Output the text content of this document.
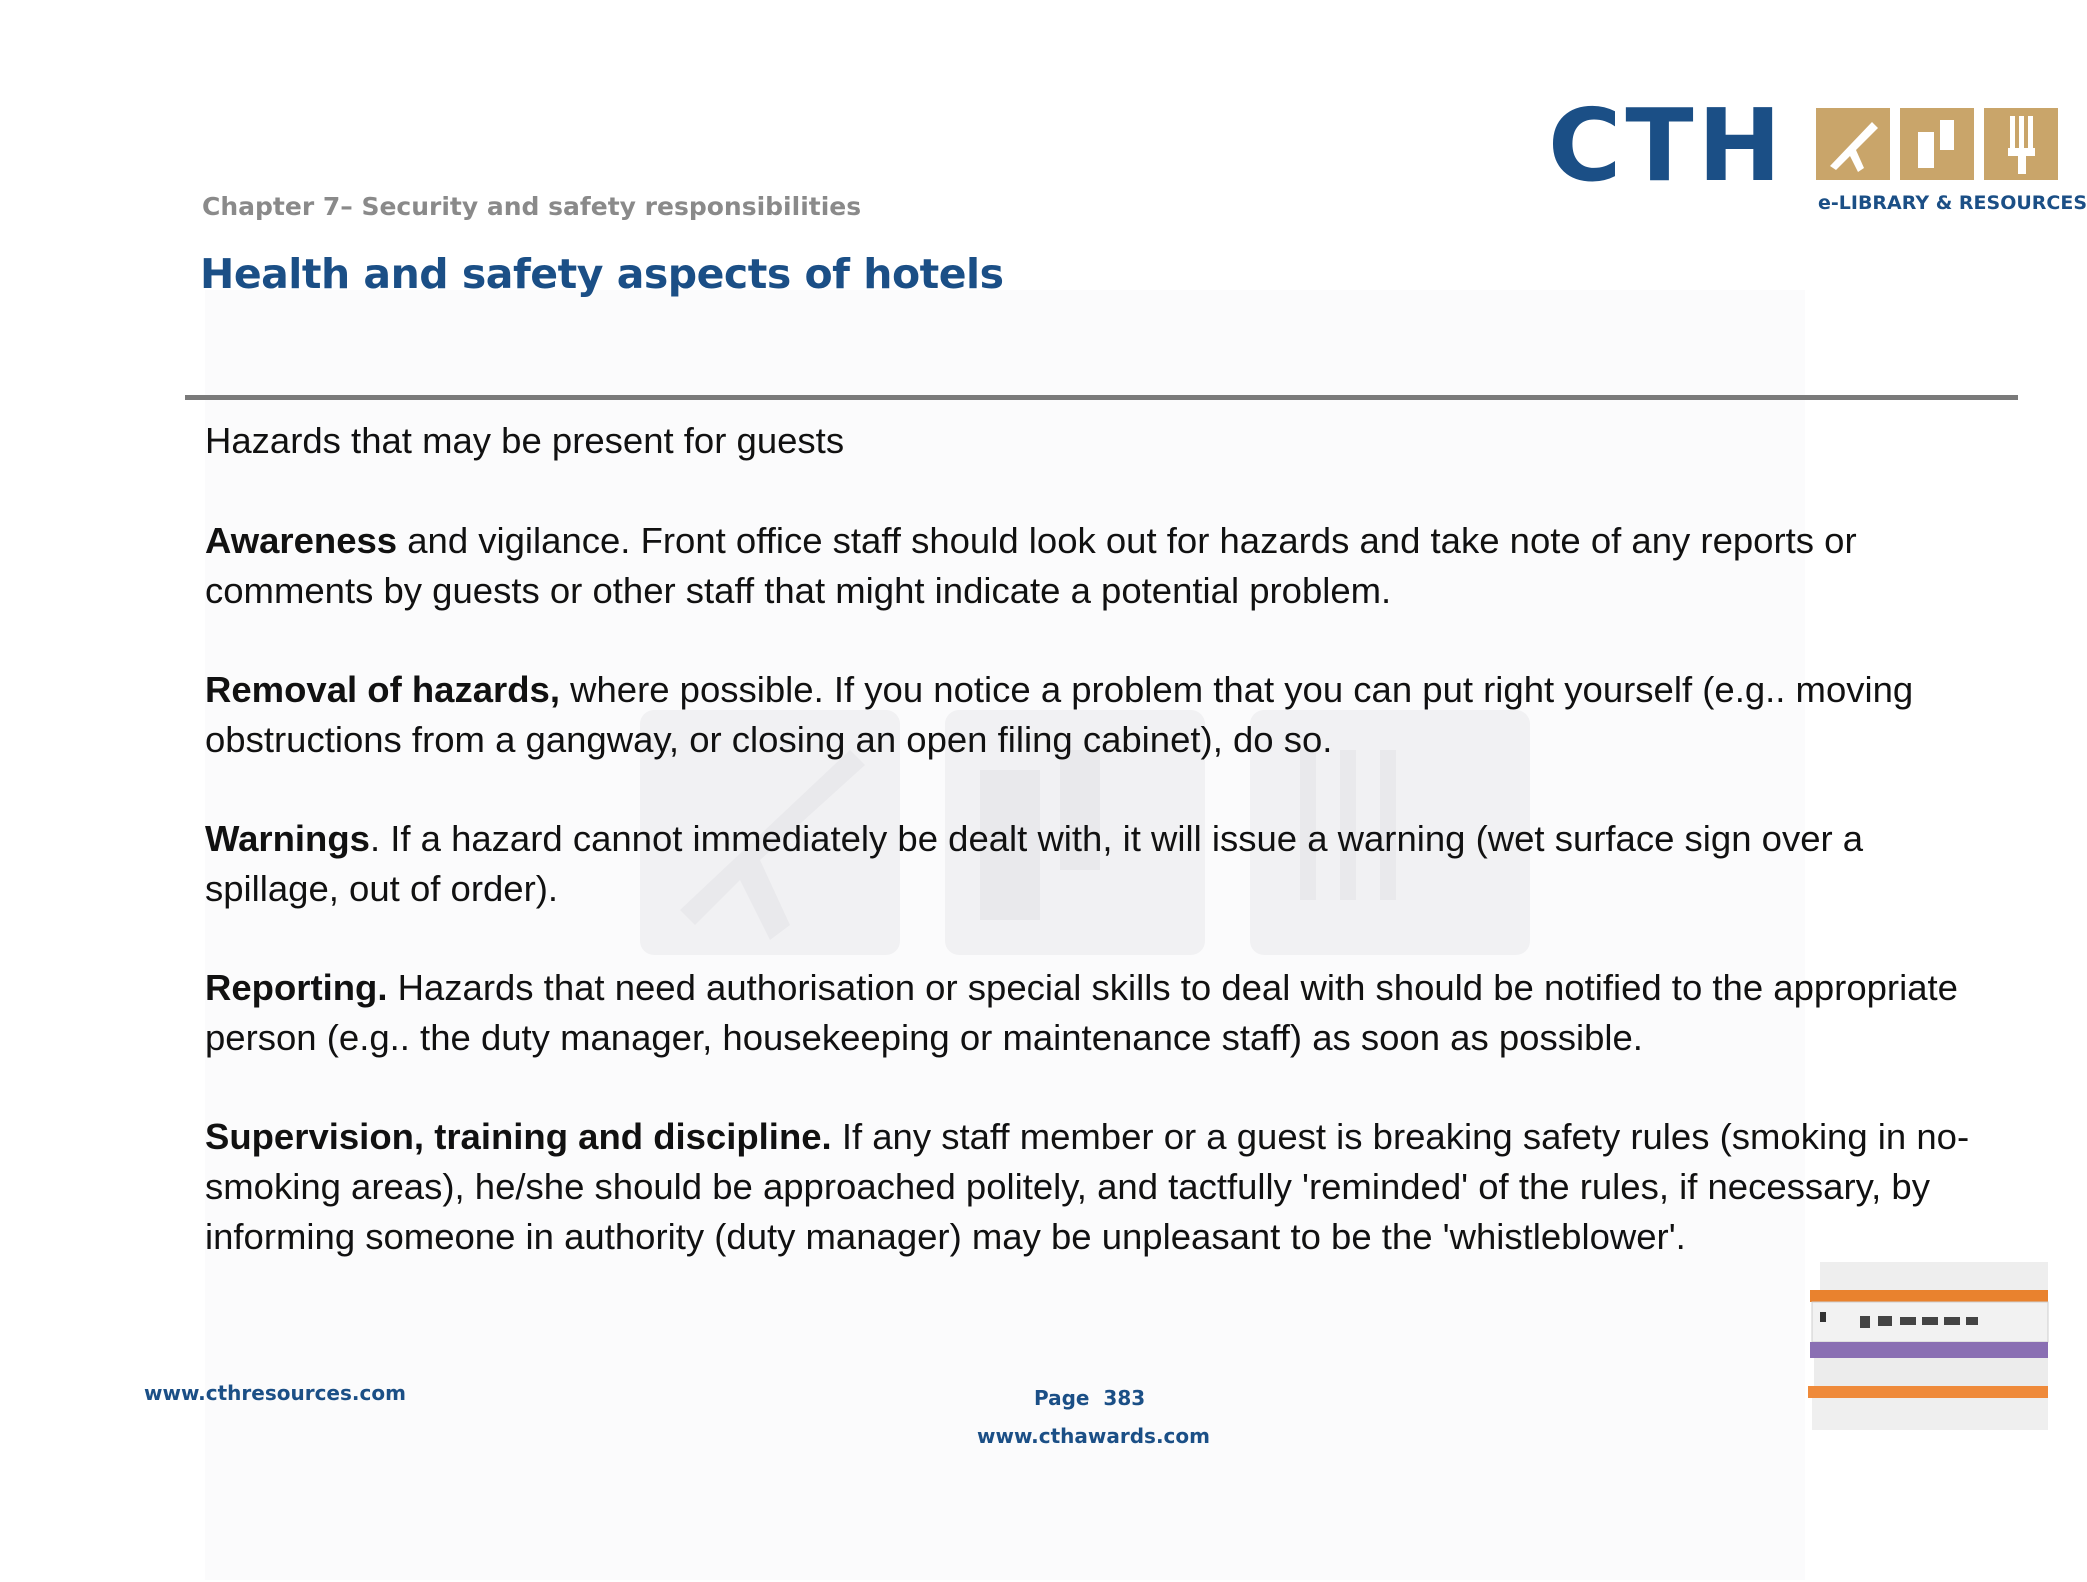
Chapter 7– Security and safety responsibilities
Health and safety aspects of hotels
CTH e-LIBRARY & RESOURCES

Hazards that may be present for guests

Awareness and vigilance. Front office staff should look out for hazards and take note of any reports or comments by guests or other staff that might indicate a potential problem.

Removal of hazards, where possible. If you notice a problem that you can put right yourself (e.g.. moving obstructions from a gangway, or closing an open filing cabinet), do so.

Warnings. If a hazard cannot immediately be dealt with, it will issue a warning (wet surface sign over a spillage, out of order).

Reporting. Hazards that need authorisation or special skills to deal with should be notified to the appropriate person (e.g.. the duty manager, housekeeping or maintenance staff) as soon as possible.

Supervision, training and discipline. If any staff member or a guest is breaking safety rules (smoking in no-smoking areas), he/she should be approached politely, and tactfully 'reminded' of the rules, if necessary, by informing someone in authority (duty manager) may be unpleasant to be the 'whistleblower'.

www.cthresources.com	Page  383
www.cthawards.com
